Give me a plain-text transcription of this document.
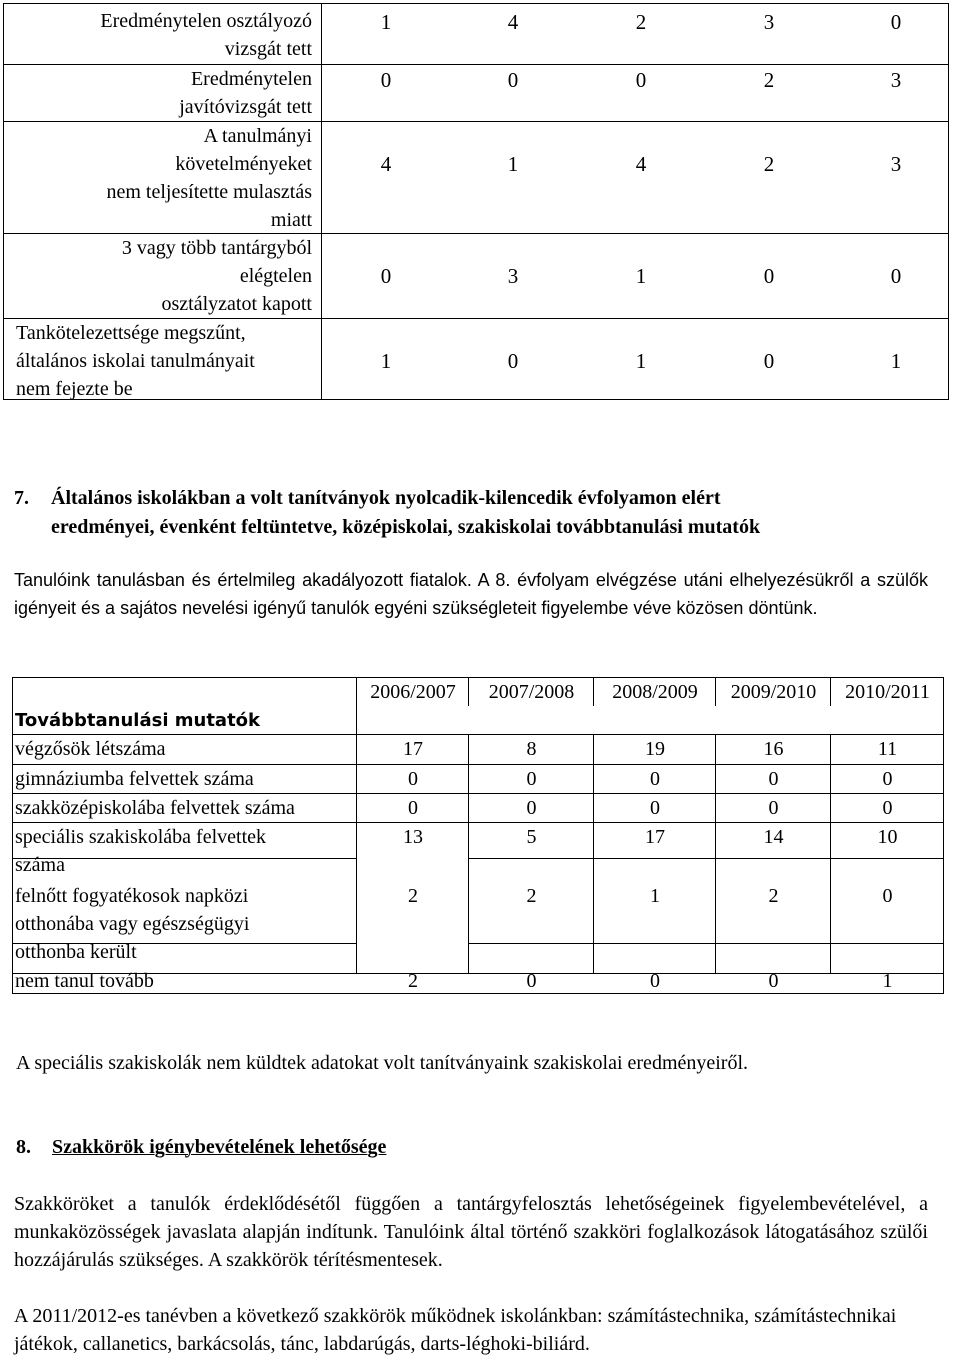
Eredménytelen osztályozó
vizsgát tett
1	4	2	3	0
Eredménytelen
javítóvizsgát tett
0	0	0	2	3
A tanulmányi
követelményeket
nem teljesítette mulasztás
miatt
4	1	4	2	3
3 vagy több tantárgyból
elégtelen
osztályzatot kapott
0	3	1	0	0
Tankötelezettsége megszűnt,
általános iskolai tanulmányait
nem fejezte be
1	0	1	0	1
7. Általános iskolákban a volt tanítványok nyolcadik-kilencedik évfolyamon elért
eredményei, évenként feltüntetve, középiskolai, szakiskolai továbbtanulási mutatók
Tanulóink tanulásban és értelmileg akadályozott fiatalok. A 8. évfolyam elvégzése utáni elhelyezésükről a szülők igényeit és a sajátos nevelési igényű tanulók egyéni szükségleteit figyelembe véve közösen döntünk.
2006/2007	2007/2008	2008/2009	2009/2010	2010/2011
Továbbtanulási mutatók
végzősök létszáma	17	8	19	16	11
gimnáziumba felvettek száma	0	0	0	0	0
szakközépiskolába felvettek száma	0	0	0	0	0
speciális szakiskolába felvettek
száma
13	5	17	14	10
felnőtt fogyatékosok napközi
otthonába vagy egészségügyi
otthonba került
2	2	1	2	0
nem tanul tovább	2	0	0	0	1
A speciális szakiskolák nem küldtek adatokat volt tanítványaink szakiskolai eredményeiről.
8. Szakkörök igénybevételének lehetősége
Szakköröket a tanulók érdeklődésétől függően a tantárgyfelosztás lehetőségeinek figyelembevételével, a munkaközösségek javaslata alapján indítunk. Tanulóink által történő szakköri foglalkozások látogatásához szülői hozzájárulás szükséges. A szakkörök térítésmentesek.
A 2011/2012-es tanévben a következő szakkörök működnek iskolánkban: számítástechnika, számítástechnikai játékok, callanetics, barkácsolás, tánc, labdarúgás, darts-léghoki-biliárd.
